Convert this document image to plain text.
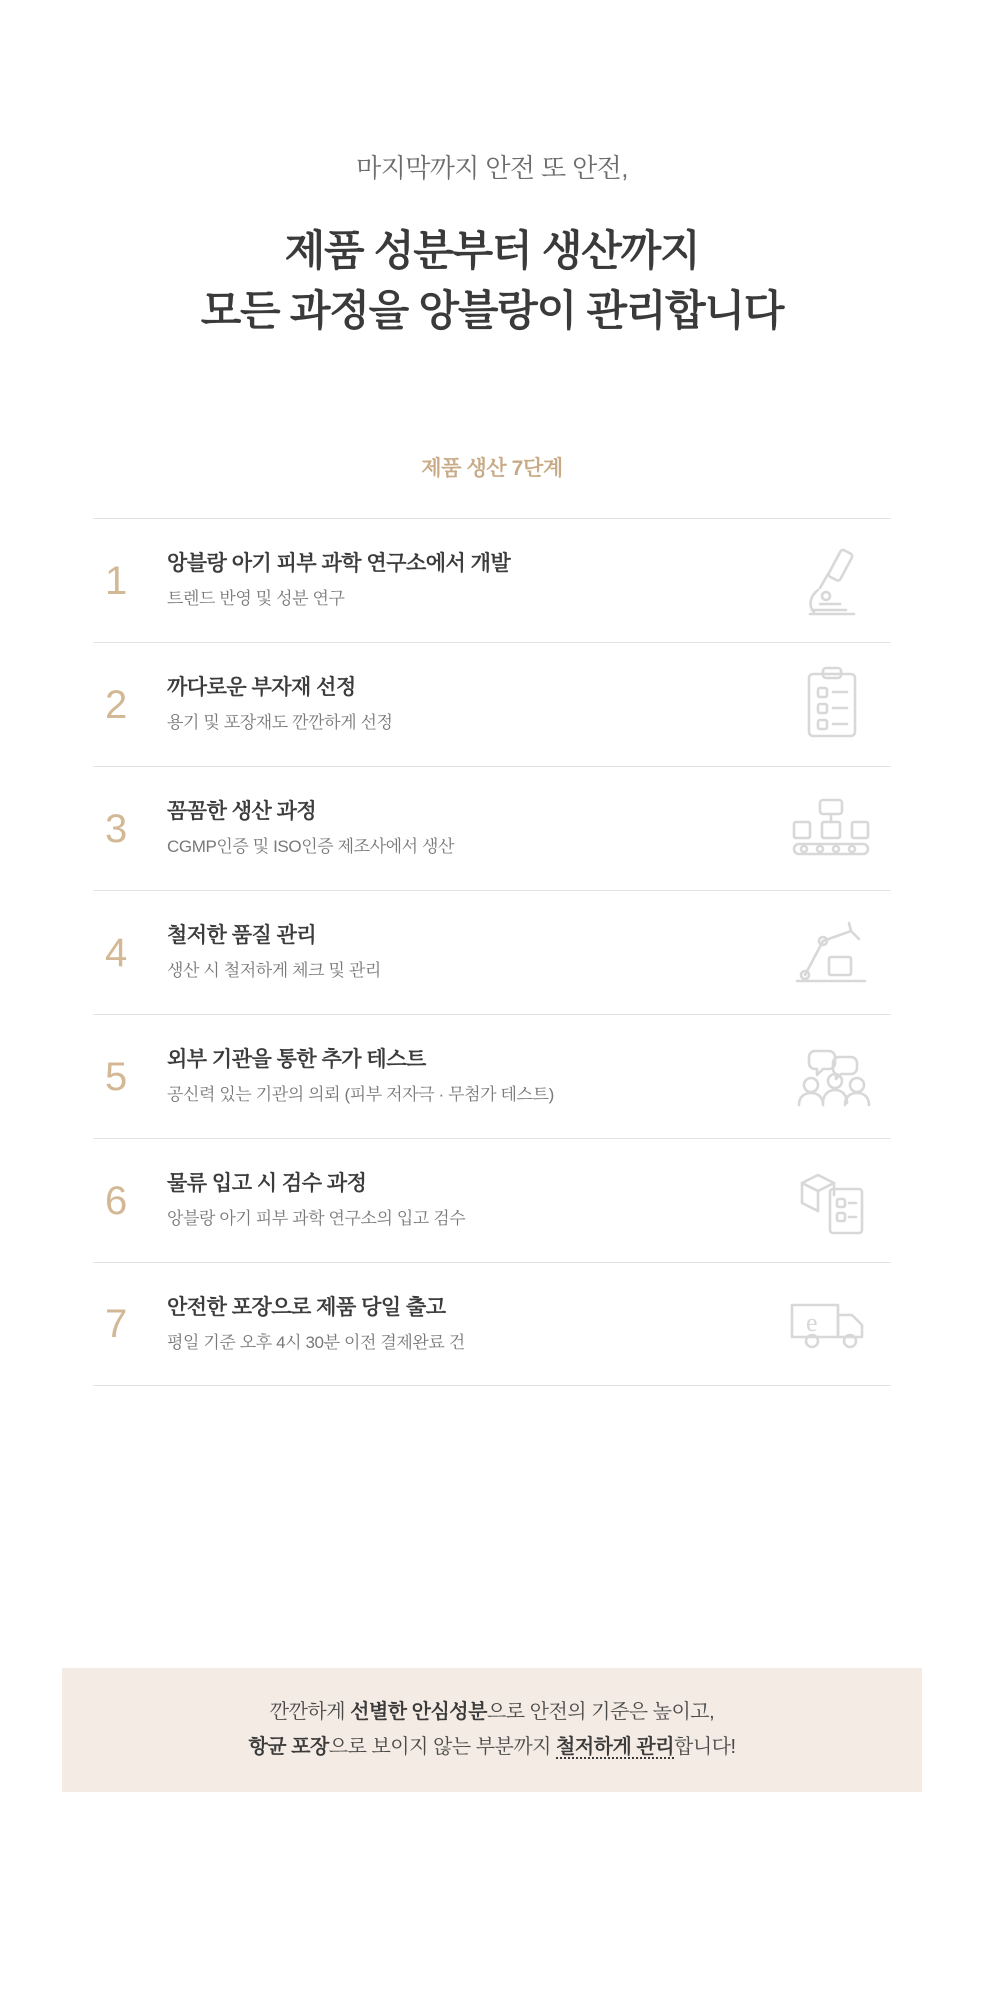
마지막까지 안전 또 안전,
제품 성분부터 생산까지
모든 과정을 앙블랑이 관리합니다
제품 생산 7단계
1	앙블랑 아기 피부 과학 연구소에서 개발
트렌드 반영 및 성분 연구
2	까다로운 부자재 선정
용기 및 포장재도 깐깐하게 선정
3	꼼꼼한 생산 과정
CGMP인증 및 ISO인증 제조사에서 생산
4	철저한 품질 관리
생산 시 철저하게 체크 및 관리
5	외부 기관을 통한 추가 테스트
공신력 있는 기관의 의뢰 (피부 저자극 · 무첨가 테스트)
6	물류 입고 시 검수 과정
앙블랑 아기 피부 과학 연구소의 입고 검수
7	안전한 포장으로 제품 당일 출고
평일 기준 오후 4시 30분 이전 결제완료 건
e
깐깐하게 선별한 안심성분으로 안전의 기준은 높이고,
항균 포장으로 보이지 않는 부분까지 철저하게 관리합니다!
